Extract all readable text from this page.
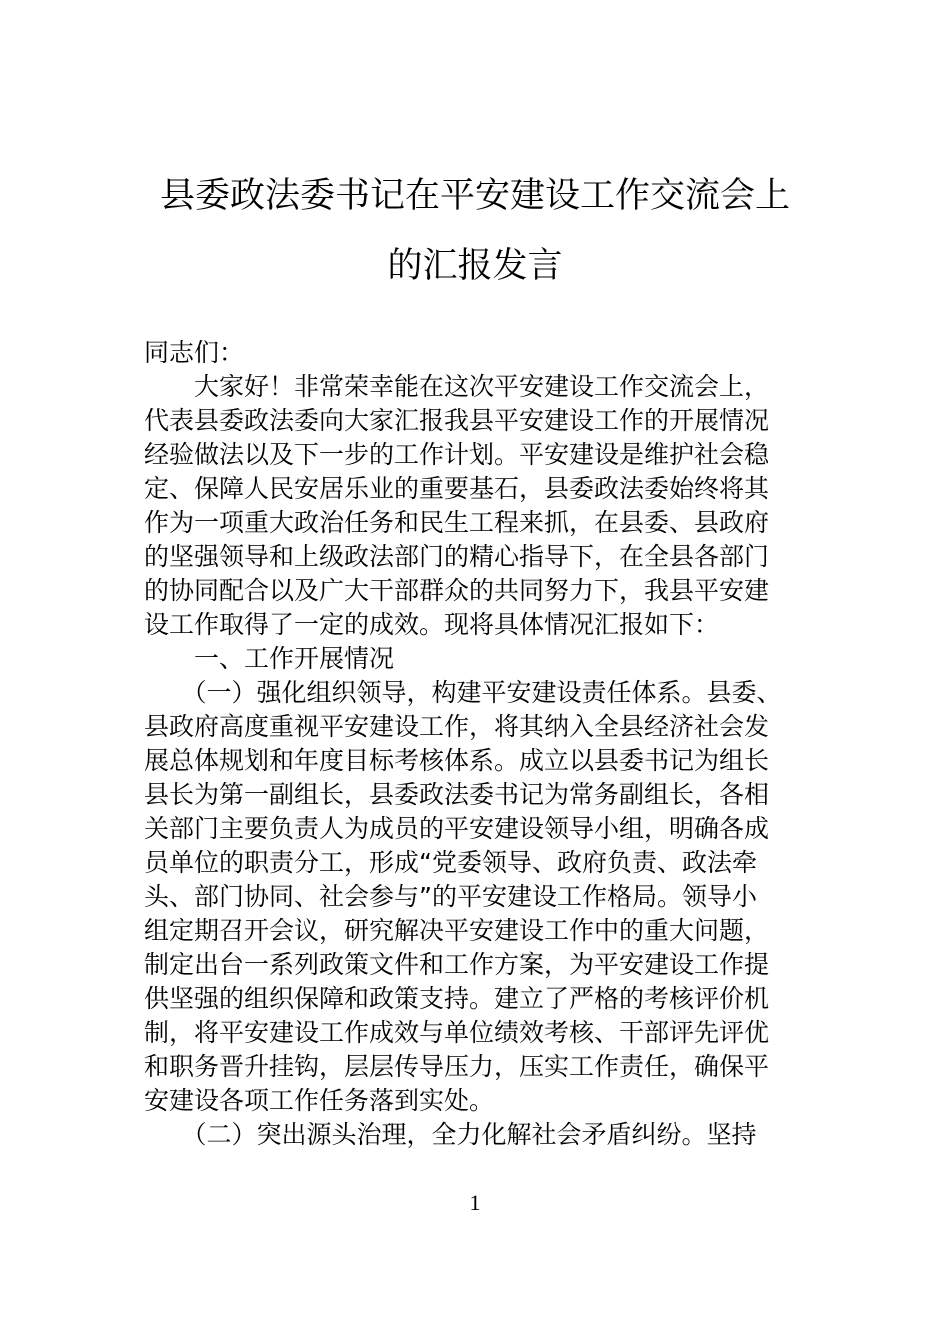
县委政法委书记在平安建设工作交流会上
的汇报发言
同志们：
　　大家好！非常荣幸能在这次平安建设工作交流会上，
代表县委政法委向大家汇报我县平安建设工作的开展情况
经验做法以及下一步的工作计划。平安建设是维护社会稳
定、保障人民安居乐业的重要基石，县委政法委始终将其
作为一项重大政治任务和民生工程来抓，在县委、县政府
的坚强领导和上级政法部门的精心指导下，在全县各部门
的协同配合以及广大干部群众的共同努力下，我县平安建
设工作取得了一定的成效。现将具体情况汇报如下：
　　一、工作开展情况
　　（一）强化组织领导，构建平安建设责任体系。县委、
县政府高度重视平安建设工作，将其纳入全县经济社会发
展总体规划和年度目标考核体系。成立以县委书记为组长
县长为第一副组长，县委政法委书记为常务副组长，各相
关部门主要负责人为成员的平安建设领导小组，明确各成
员单位的职责分工，形成“党委领导、政府负责、政法牵
头、部门协同、社会参与”的平安建设工作格局。领导小
组定期召开会议，研究解决平安建设工作中的重大问题，
制定出台一系列政策文件和工作方案，为平安建设工作提
供坚强的组织保障和政策支持。建立了严格的考核评价机
制，将平安建设工作成效与单位绩效考核、干部评先评优
和职务晋升挂钩，层层传导压力，压实工作责任，确保平
安建设各项工作任务落到实处。
　　（二）突出源头治理，全力化解社会矛盾纠纷。坚持
1
